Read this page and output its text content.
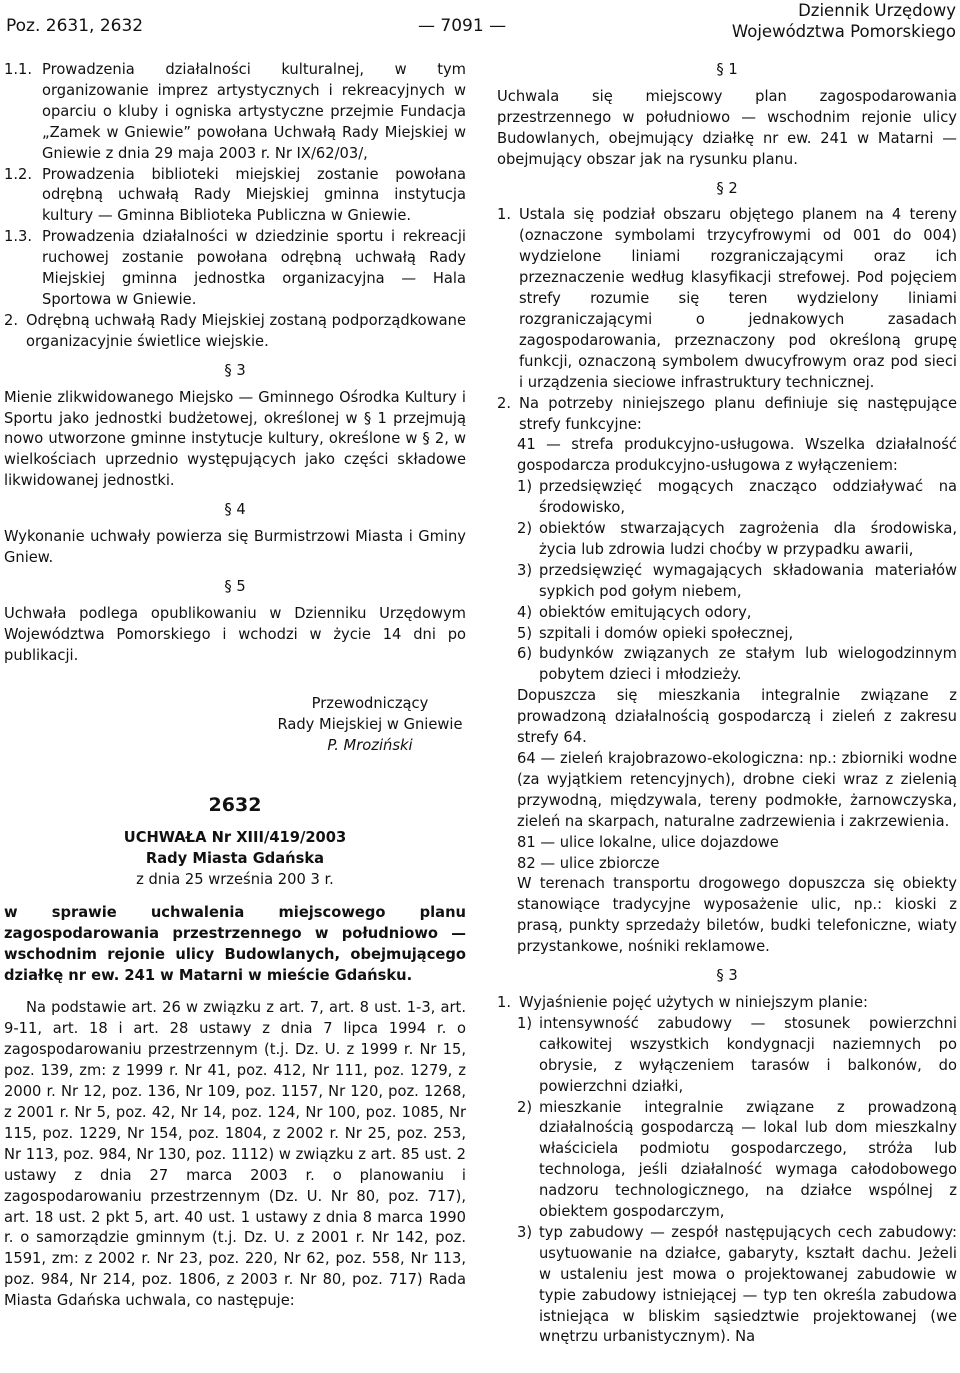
Poz. 2631, 2632	— 7091 —
Dziennik Urzędowy
Województwa Pomorskiego
1.1. Prowadzenia działalności kulturalnej, w tym organizowanie imprez artystycznych i rekreacyjnych w oparciu o kluby i ogniska artystyczne przejmie Fundacja „Zamek w Gniewie” powołana Uchwałą Rady Miejskiej w Gniewie z dnia 29 maja 2003 r. Nr IX/62/03/,
1.2. Prowadzenia biblioteki miejskiej zostanie powołana odrębną uchwałą Rady Miejskiej gminna instytucja kultury — Gminna Biblioteka Publiczna w Gniewie.
1.3. Prowadzenia działalności w dziedzinie sportu i rekreacji ruchowej zostanie powołana odrębną uchwałą Rady Miejskiej gminna jednostka organizacyjna — Hala Sportowa w Gniewie.
2. Odrębną uchwałą Rady Miejskiej zostaną podporządkowane organizacyjnie świetlice wiejskie.
§ 3

Mienie zlikwidowanego Miejsko — Gminnego Ośrodka Kultury i Sportu jako jednostki budżetowej, określonej w § 1 przejmują nowo utworzone gminne instytucje kultury, określone w § 2, w wielkościach uprzednio występujących jako części składowe likwidowanej jednostki.

§ 4

Wykonanie uchwały powierza się Burmistrzowi Miasta i Gminy Gniew.

§ 5

Uchwała podlega opublikowaniu w Dzienniku Urzędowym Województwa Pomorskiego i wchodzi w życie 14 dni po publikacji.

Przewodniczący
Rady Miejskiej w Gniewie
P. Mroziński
2632
UCHWAŁA Nr XIII/419/2003
Rady Miasta Gdańska
z dnia 25 września 200 3 r.

w sprawie uchwalenia miejscowego planu zagospodarowania przestrzennego w południowo — wschodnim rejonie ulicy Budowlanych, obejmującego działkę nr ew. 241 w Matarni w mieście Gdańsku.

Na podstawie art. 26 w związku z art. 7, art. 8 ust. 1-3, art. 9-11, art. 18 i art. 28 ustawy z dnia 7 lipca 1994 r. o zagospodarowaniu przestrzennym (t.j. Dz. U. z 1999 r. Nr 15, poz. 139, zm: z 1999 r. Nr 41, poz. 412, Nr 111, poz. 1279, z 2000 r. Nr 12, poz. 136, Nr 109, poz. 1157, Nr 120, poz. 1268, z 2001 r. Nr 5, poz. 42, Nr 14, poz. 124, Nr 100, poz. 1085, Nr 115, poz. 1229, Nr 154, poz. 1804, z 2002 r. Nr 25, poz. 253, Nr 113, poz. 984, Nr 130, poz. 1112) w związku z art. 85 ust. 2 ustawy z dnia 27 marca 2003 r. o planowaniu i zagospodarowaniu przestrzennym (Dz. U. Nr 80, poz. 717), art. 18 ust. 2 pkt 5, art. 40 ust. 1 ustawy z dnia 8 marca 1990 r. o samorządzie gminnym (t.j. Dz. U. z 2001 r. Nr 142, poz. 1591, zm: z 2002 r. Nr 23, poz. 220, Nr 62, poz. 558, Nr 113, poz. 984, Nr 214, poz. 1806, z 2003 r. Nr 80, poz. 717) Rada Miasta Gdańska uchwala, co następuje:

§ 1

Uchwala się miejscowy plan zagospodarowania przestrzennego w południowo — wschodnim rejonie ulicy Budowlanych, obejmujący działkę nr ew. 241 w Matarni — obejmujący obszar jak na rysunku planu.

§ 2
1. Ustala się podział obszaru objętego planem na 4 tereny (oznaczone symbolami trzycyfrowymi od 001 do 004) wydzielone liniami rozgraniczającymi oraz ich przeznaczenie według klasyfikacji strefowej. Pod pojęciem strefy rozumie się teren wydzielony liniami rozgraniczającymi o jednakowych zasadach zagospodarowania, przeznaczony pod określoną grupę funkcji, oznaczoną symbolem dwucyfrowym oraz pod sieci i urządzenia sieciowe infrastruktury technicznej.
2. Na potrzeby niniejszego planu definiuje się następujące strefy funkcyjne:

41 — strefa produkcyjno-usługowa. Wszelka działalność gospodarcza produkcyjno-usługowa z wyłączeniem:

1) przedsięwzięć mogących znacząco oddziaływać na środowisko,
2) obiektów stwarzających zagrożenia dla środowiska, życia lub zdrowia ludzi choćby w przypadku awarii,
3) przedsięwzięć wymagających składowania materiałów sypkich pod gołym niebem,
4) obiektów emitujących odory,
5) szpitali i domów opieki społecznej,
6) budynków związanych ze stałym lub wielogodzinnym pobytem dzieci i młodzieży.

Dopuszcza się mieszkania integralnie związane z prowadzoną działalnością gospodarczą i zieleń z zakresu strefy 64.

64 — zieleń krajobrazowo-ekologiczna: np.: zbiorniki wodne (za wyjątkiem retencyjnych), drobne cieki wraz z zielenią przywodną, międzywala, tereny podmokłe, żarnowczyska, zieleń na skarpach, naturalne zadrzewienia i zakrzewienia.

81 — ulice lokalne, ulice dojazdowe

82 — ulice zbiorcze

W terenach transportu drogowego dopuszcza się obiekty stanowiące tradycyjne wyposażenie ulic, np.: kioski z prasą, punkty sprzedaży biletów, budki telefoniczne, wiaty przystankowe, nośniki reklamowe.

§ 3
1. Wyjaśnienie pojęć użytych w niniejszym planie:
1) intensywność zabudowy — stosunek powierzchni całkowitej wszystkich kondygnacji naziemnych po obrysie, z wyłączeniem tarasów i balkonów, do powierzchni działki,
2) mieszkanie integralnie związane z prowadzoną działalnością gospodarczą — lokal lub dom mieszkalny właściciela podmiotu gospodarczego, stróża lub technologa, jeśli działalność wymaga całodobowego nadzoru technologicznego, na działce wspólnej z obiektem gospodarczym,
3) typ zabudowy — zespół następujących cech zabudowy: usytuowanie na działce, gabaryty, kształt dachu. Jeżeli w ustaleniu jest mowa o projektowanej zabudowie w typie zabudowy istniejącej — typ ten określa zabudowa istniejąca w bliskim sąsiedztwie projektowanej (we wnętrzu urbanistycznym). Na
